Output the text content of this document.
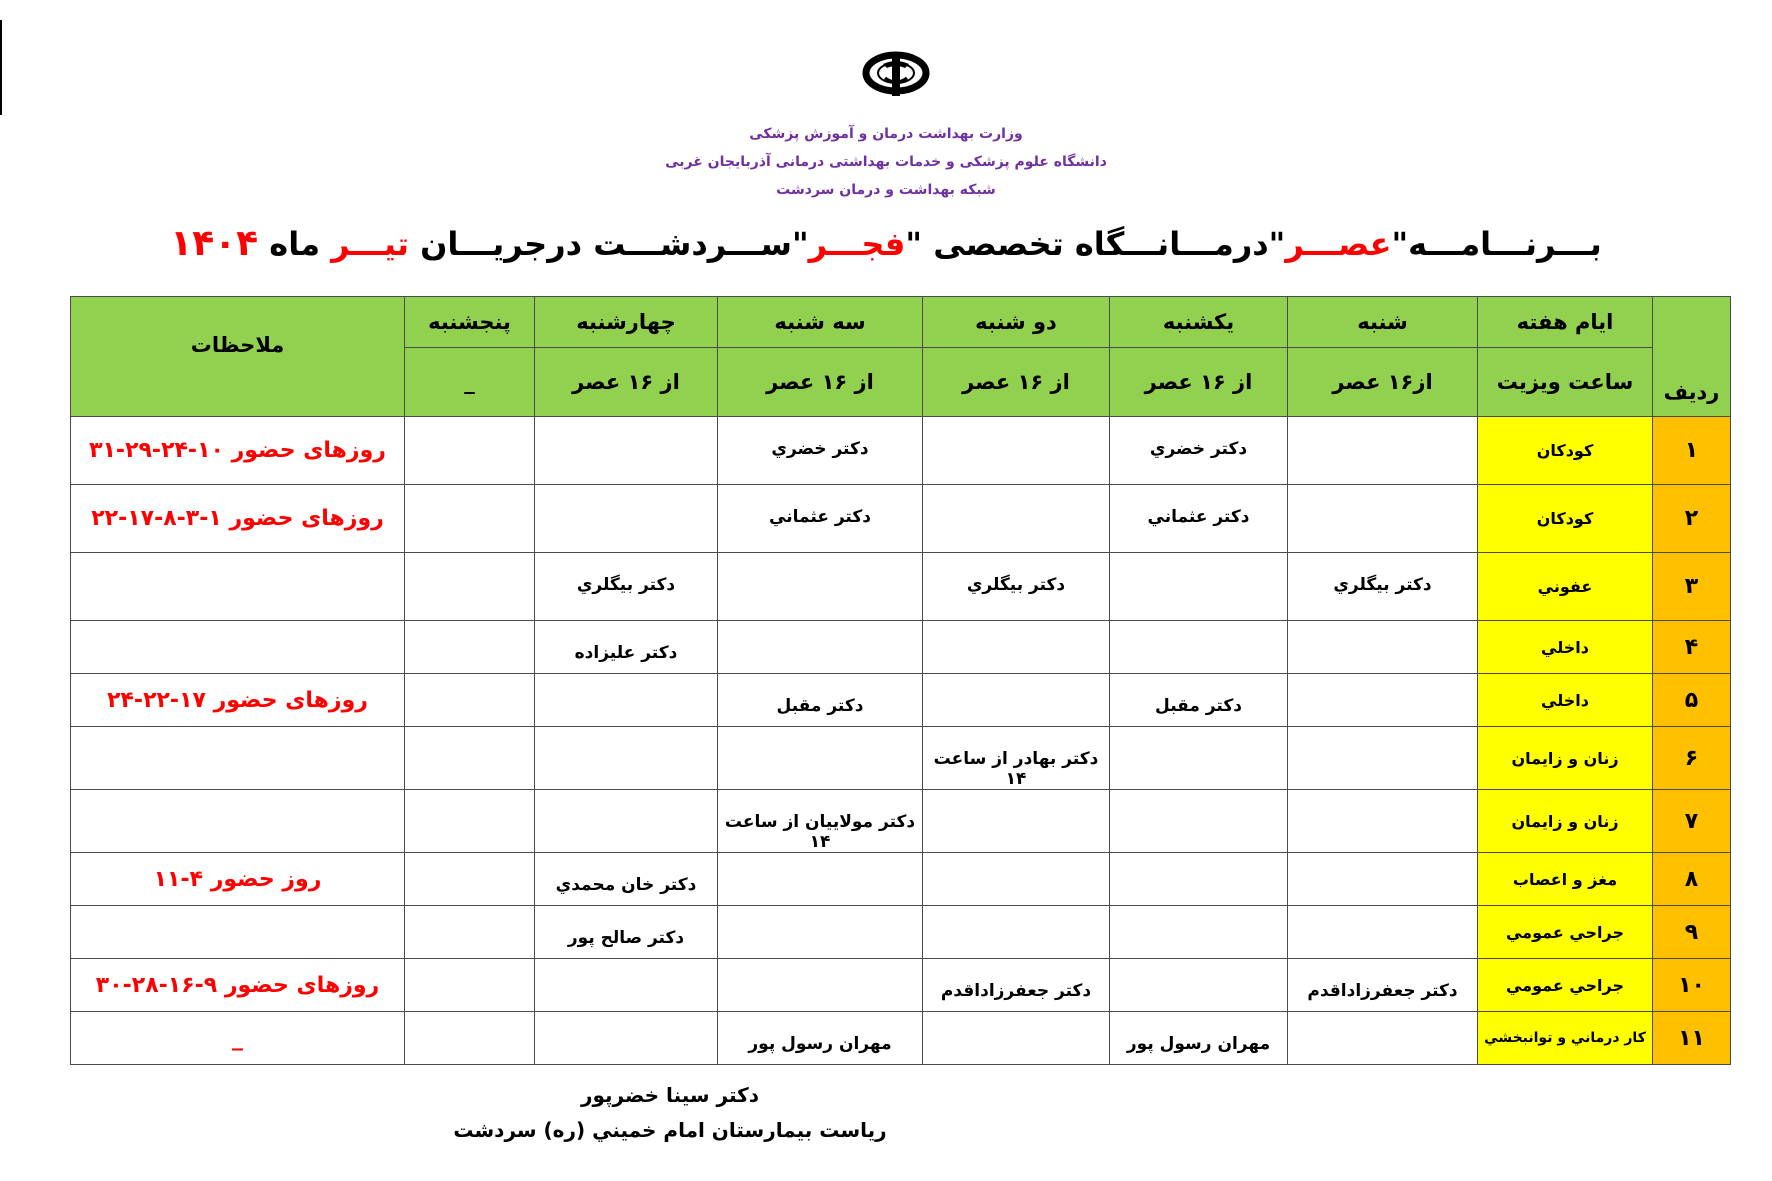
وزارت بهداشت درمان و آموزش پزشکی
دانشگاه علوم پزشکی و خدمات بهداشتی درمانی آذربایجان غربی
شبکه بهداشت و درمان سردشت
بـــرنـــامـــه"عصـــر"درمـــانـــگاه تخصصی "فجـــر"ســـردشـــت درجريـــان تيـــر ماه ۱۴۰۴
رديف	ايام هفته	شنبه	يكشنبه	دو شنبه	سه شنبه	چهارشنبه	پنجشنبه	ملاحظات
	ساعت ويزيت	از۱۶ عصر	از ۱۶ عصر	از ۱۶ عصر	از ۱۶ عصر	از ۱۶ عصر	_	
۱	كودكان		دكتر خضري		دكتر خضري			روزهای حضور ۱۰-۲۴-۲۹-۳۱
۲	كودكان		دكتر عثماني		دكتر عثماني			روزهای حضور ۱-۳-۸-۱۷-۲۲
۳	عفوني	دكتر بيگلري		دكتر بيگلري		دكتر بيگلري		
۴	داخلي					دكتر عليزاده		
۵	داخلي		دكتر مقبل		دكتر مقبل			روزهای حضور ۱۷-۲۲-۲۴
۶	زنان و زايمان			دكتر بهادر از ساعت ۱۴				
۷	زنان و زايمان				دكتر مولاييان از ساعت ۱۴			
۸	مغز و اعصاب					دكتر خان محمدي		روز حضور ۴-۱۱
۹	جراحي عمومي					دكتر صالح پور		
۱۰	جراحي عمومي	دكتر جعفرزاداقدم		دكتر جعفرزاداقدم				روزهای حضور ۹-۱۶-۲۸-۳۰
۱۱	كار درماني و توانبخشي		مهران رسول پور		مهران رسول پور			_
دكتر سينا خضرپور
رياست بيمارستان امام خميني (ره) سردشت
